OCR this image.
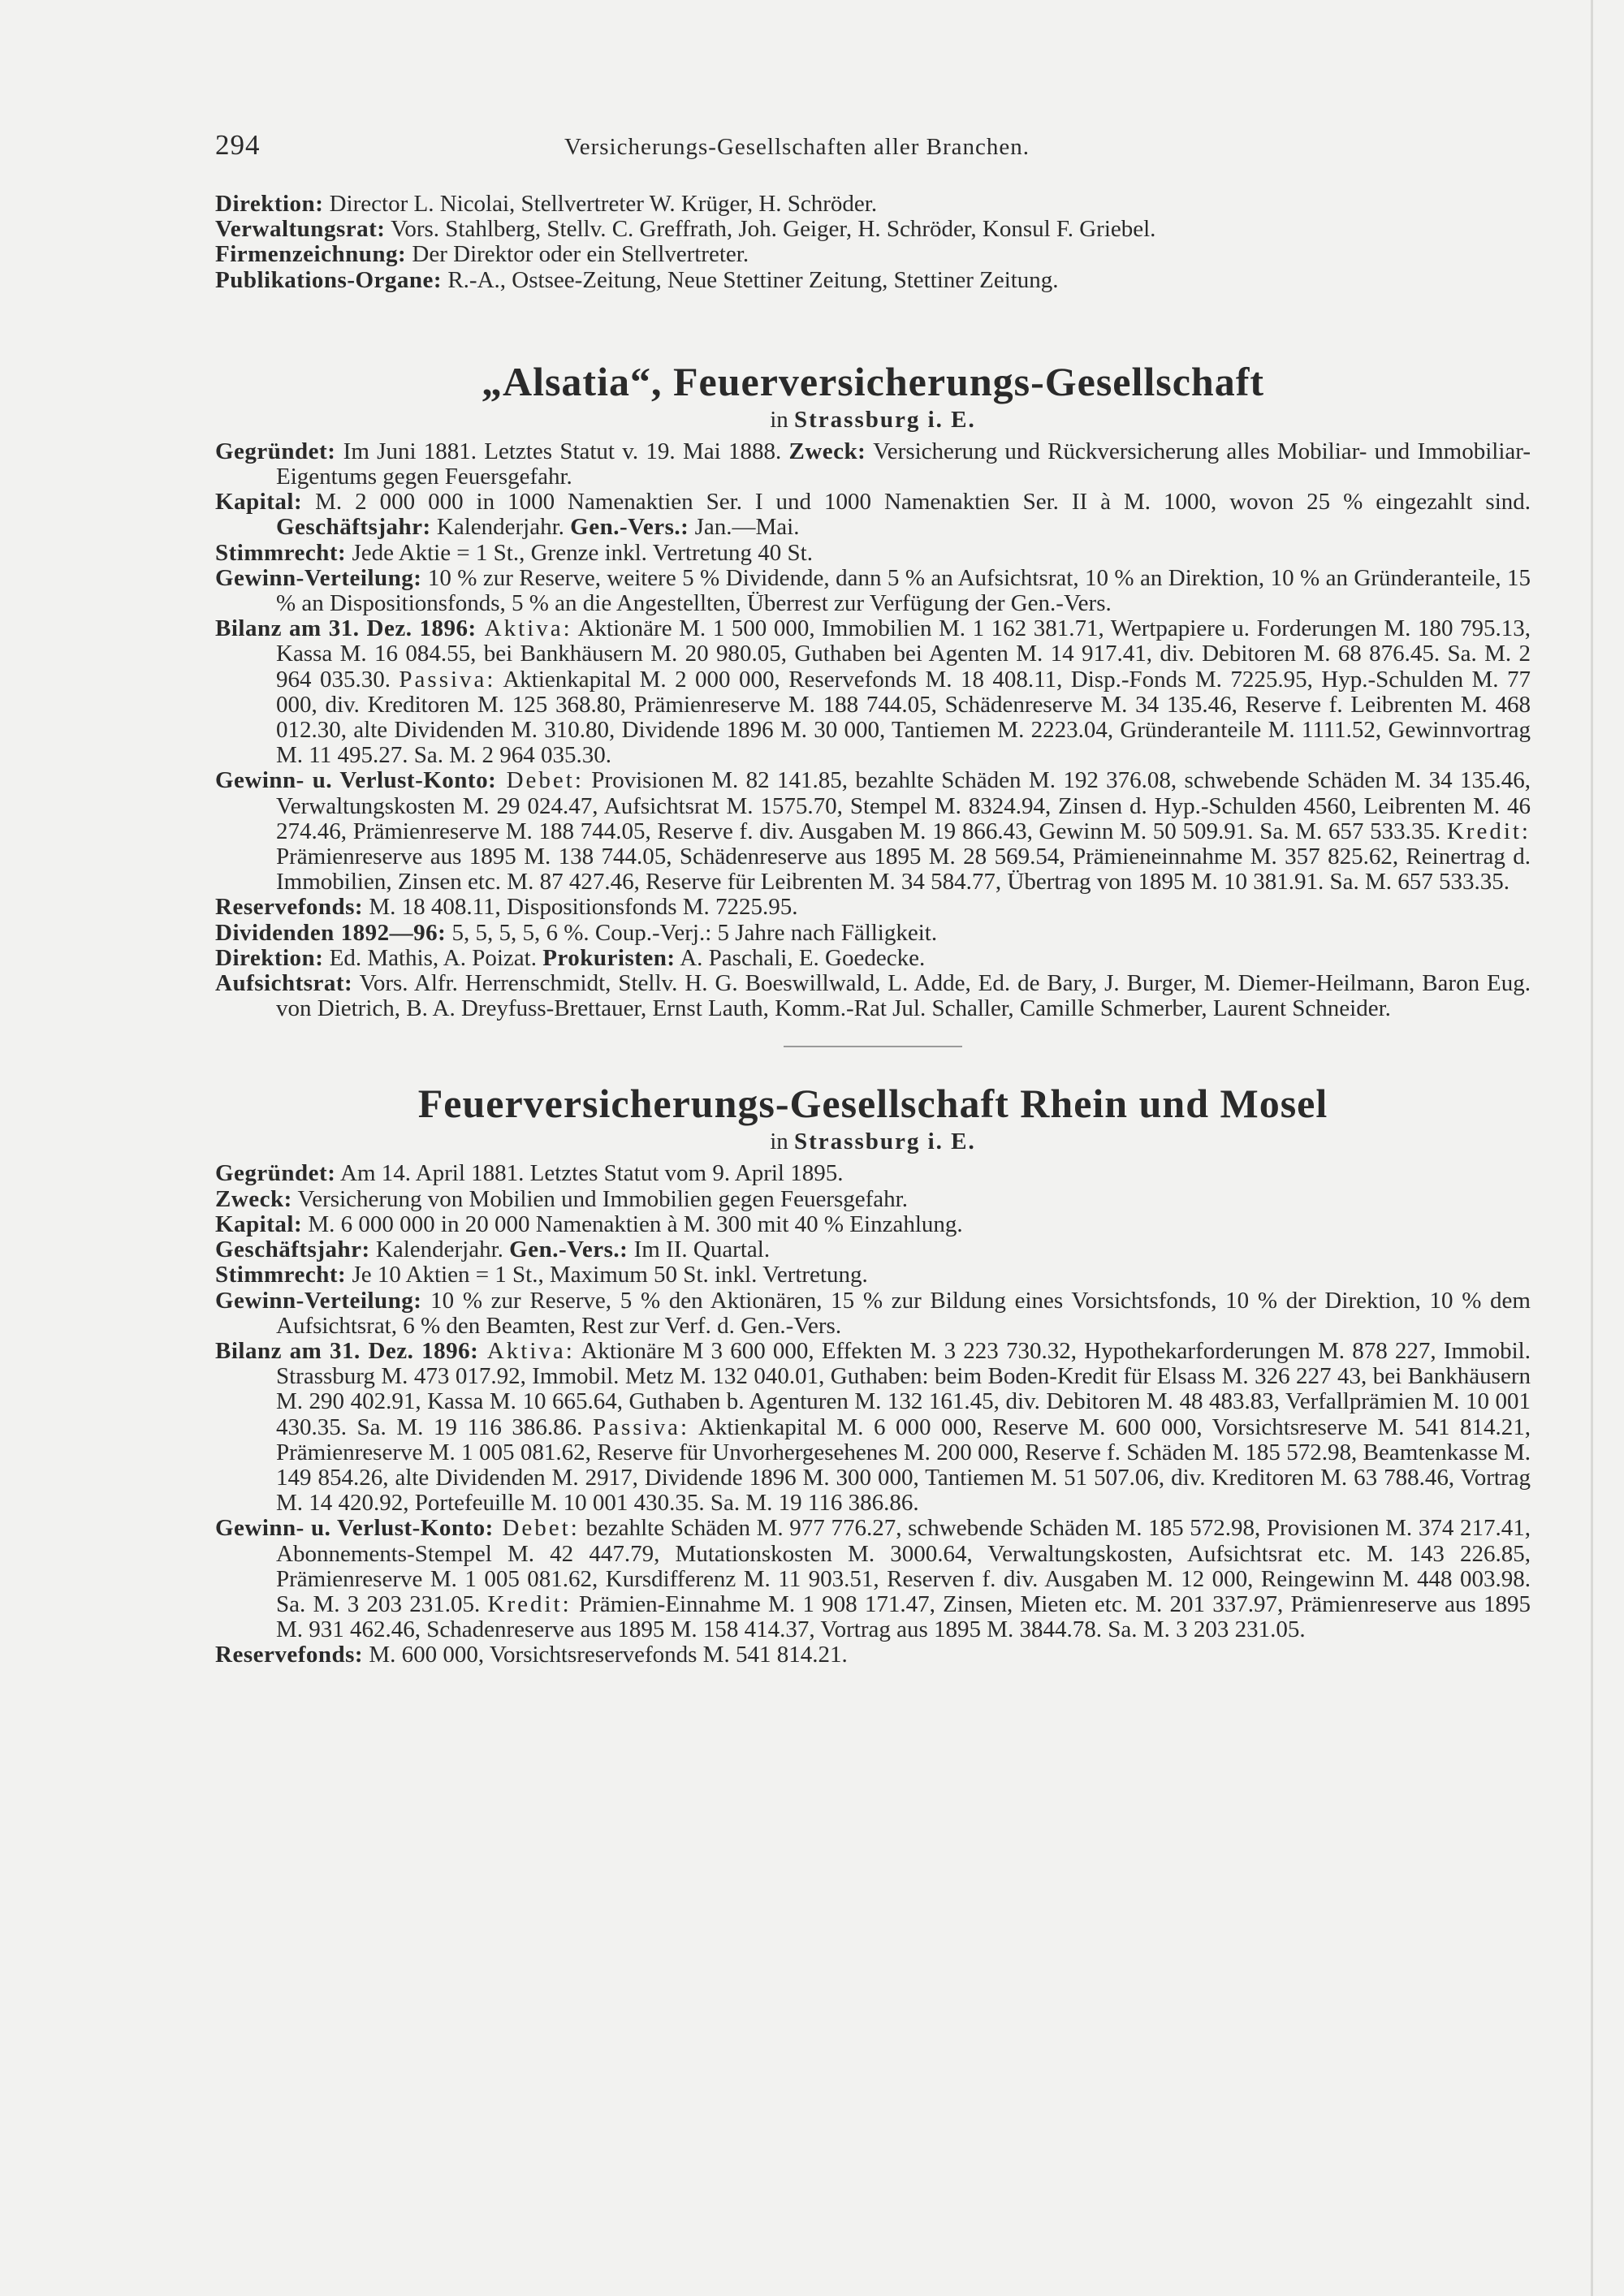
294	Versicherungs-Gesellschaften aller Branchen.

Direktion: Director L. Nicolai, Stellvertreter W. Krüger, H. Schröder.

Verwaltungsrat: Vors. Stahlberg, Stellv. C. Greffrath, Joh. Geiger, H. Schröder, Konsul F. Griebel.

Firmenzeichnung: Der Direktor oder ein Stellvertreter.

Publikations-Organe: R.-A., Ostsee-Zeitung, Neue Stettiner Zeitung, Stettiner Zeitung.

„Alsatia“, Feuerversicherungs-Gesellschaft

in Strassburg i. E.

Gegründet: Im Juni 1881. Letztes Statut v. 19. Mai 1888. Zweck: Versicherung und Rückversicherung alles Mobiliar- und Immobiliar-Eigentums gegen Feuersgefahr.

Kapital: M. 2 000 000 in 1000 Namenaktien Ser. I und 1000 Namenaktien Ser. II à M. 1000, wovon 25 % eingezahlt sind. Geschäftsjahr: Kalenderjahr. Gen.-Vers.: Jan.—Mai.

Stimmrecht: Jede Aktie = 1 St., Grenze inkl. Vertretung 40 St.

Gewinn-Verteilung: 10 % zur Reserve, weitere 5 % Dividende, dann 5 % an Aufsichtsrat, 10 % an Direktion, 10 % an Gründeranteile, 15 % an Dispositionsfonds, 5 % an die Angestellten, Überrest zur Verfügung der Gen.-Vers.

Bilanz am 31. Dez. 1896: Aktiva: Aktionäre M. 1 500 000, Immobilien M. 1 162 381.71, Wertpapiere u. Forderungen M. 180 795.13, Kassa M. 16 084.55, bei Bankhäusern M. 20 980.05, Guthaben bei Agenten M. 14 917.41, div. Debitoren M. 68 876.45. Sa. M. 2 964 035.30. Passiva: Aktienkapital M. 2 000 000, Reservefonds M. 18 408.11, Disp.-Fonds M. 7225.95, Hyp.-Schulden M. 77 000, div. Kreditoren M. 125 368.80, Prämienreserve M. 188 744.05, Schädenreserve M. 34 135.46, Reserve f. Leibrenten M. 468 012.30, alte Dividenden M. 310.80, Dividende 1896 M. 30 000, Tantiemen M. 2223.04, Gründeranteile M. 1111.52, Gewinnvortrag M. 11 495.27. Sa. M. 2 964 035.30.

Gewinn- u. Verlust-Konto: Debet: Provisionen M. 82 141.85, bezahlte Schäden M. 192 376.08, schwebende Schäden M. 34 135.46, Verwaltungskosten M. 29 024.47, Aufsichtsrat M. 1575.70, Stempel M. 8324.94, Zinsen d. Hyp.-Schulden 4560, Leibrenten M. 46 274.46, Prämienreserve M. 188 744.05, Reserve f. div. Ausgaben M. 19 866.43, Gewinn M. 50 509.91. Sa. M. 657 533.35. Kredit: Prämienreserve aus 1895 M. 138 744.05, Schädenreserve aus 1895 M. 28 569.54, Prämieneinnahme M. 357 825.62, Reinertrag d. Immobilien, Zinsen etc. M. 87 427.46, Reserve für Leibrenten M. 34 584.77, Übertrag von 1895 M. 10 381.91. Sa. M. 657 533.35.

Reservefonds: M. 18 408.11, Dispositionsfonds M. 7225.95.

Dividenden 1892—96: 5, 5, 5, 5, 6 %. Coup.-Verj.: 5 Jahre nach Fälligkeit.

Direktion: Ed. Mathis, A. Poizat. Prokuristen: A. Paschali, E. Goedecke.

Aufsichtsrat: Vors. Alfr. Herrenschmidt, Stellv. H. G. Boeswillwald, L. Adde, Ed. de Bary, J. Burger, M. Diemer-Heilmann, Baron Eug. von Dietrich, B. A. Dreyfuss-Brettauer, Ernst Lauth, Komm.-Rat Jul. Schaller, Camille Schmerber, Laurent Schneider.

Feuerversicherungs-Gesellschaft Rhein und Mosel

in Strassburg i. E.

Gegründet: Am 14. April 1881. Letztes Statut vom 9. April 1895.

Zweck: Versicherung von Mobilien und Immobilien gegen Feuersgefahr.

Kapital: M. 6 000 000 in 20 000 Namenaktien à M. 300 mit 40 % Einzahlung.

Geschäftsjahr: Kalenderjahr. Gen.-Vers.: Im II. Quartal.

Stimmrecht: Je 10 Aktien = 1 St., Maximum 50 St. inkl. Vertretung.

Gewinn-Verteilung: 10 % zur Reserve, 5 % den Aktionären, 15 % zur Bildung eines Vorsichtsfonds, 10 % der Direktion, 10 % dem Aufsichtsrat, 6 % den Beamten, Rest zur Verf. d. Gen.-Vers.

Bilanz am 31. Dez. 1896: Aktiva: Aktionäre M 3 600 000, Effekten M. 3 223 730.32, Hypothekarforderungen M. 878 227, Immobil. Strassburg M. 473 017.92, Immobil. Metz M. 132 040.01, Guthaben: beim Boden-Kredit für Elsass M. 326 227 43, bei Bankhäusern M. 290 402.91, Kassa M. 10 665.64, Guthaben b. Agenturen M. 132 161.45, div. Debitoren M. 48 483.83, Verfallprämien M. 10 001 430.35. Sa. M. 19 116 386.86. Passiva: Aktienkapital M. 6 000 000, Reserve M. 600 000, Vorsichtsreserve M. 541 814.21, Prämienreserve M. 1 005 081.62, Reserve für Unvorhergesehenes M. 200 000, Reserve f. Schäden M. 185 572.98, Beamtenkasse M. 149 854.26, alte Dividenden M. 2917, Dividende 1896 M. 300 000, Tantiemen M. 51 507.06, div. Kreditoren M. 63 788.46, Vortrag M. 14 420.92, Portefeuille M. 10 001 430.35. Sa. M. 19 116 386.86.

Gewinn- u. Verlust-Konto: Debet: bezahlte Schäden M. 977 776.27, schwebende Schäden M. 185 572.98, Provisionen M. 374 217.41, Abonnements-Stempel M. 42 447.79, Mutationskosten M. 3000.64, Verwaltungskosten, Aufsichtsrat etc. M. 143 226.85, Prämienreserve M. 1 005 081.62, Kursdifferenz M. 11 903.51, Reserven f. div. Ausgaben M. 12 000, Reingewinn M. 448 003.98. Sa. M. 3 203 231.05. Kredit: Prämien-Einnahme M. 1 908 171.47, Zinsen, Mieten etc. M. 201 337.97, Prämienreserve aus 1895 M. 931 462.46, Schadenreserve aus 1895 M. 158 414.37, Vortrag aus 1895 M. 3844.78. Sa. M. 3 203 231.05.

Reservefonds: M. 600 000, Vorsichtsreservefonds M. 541 814.21.
